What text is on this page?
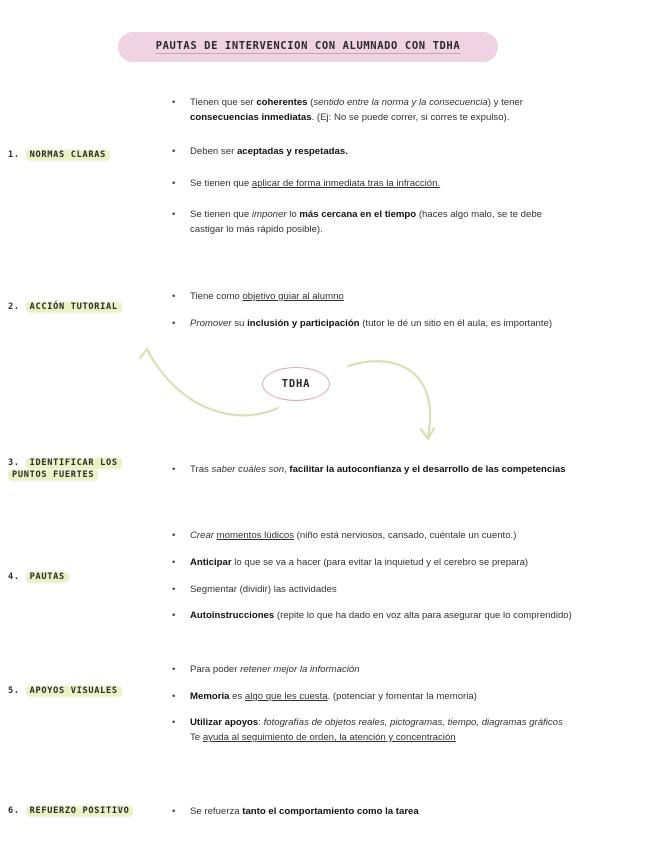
PAUTAS DE INTERVENCION CON ALUMNADO CON TDHA
TDHA
1. NORMAS CLARAS
• Tienen que ser coherentes (sentido entre la norma y la consecuencia) y tener
consecuencias inmediatas. (Ej: No se puede correr, si corres te expulso).
• Deben ser aceptadas y respetadas.
• Se tienen que aplicar de forma inmediata tras la infracción.
• Se tienen que imponer lo más cercana en el tiempo (haces algo malo, se te debe
castigar lo más rápido posible).
2. ACCIÓN TUTORIAL
• Tiene como objetivo guiar al alumno
• Promover su inclusión y participación (tutor le dé un sitio en él aula, es importante)
3. IDENTIFICAR LOS
PUNTOS FUERTES	• Tras saber cuáles son, facilitar la autoconfianza y el desarrollo de las competencias
4. PAUTAS
• Crear momentos lúdicos (niño está nerviosos, cansado, cuéntale un cuento.)
• Anticipar lo que se va a hacer (para evitar la inquietud y el cerebro se prepara)
• Segmentar (dividir) las actividades
• Autoinstrucciones (repite lo que ha dado en voz alta para asegurar que lo comprendido)
5. APOYOS VISUALES
• Para poder retener mejor la información
• Memoria es algo que les cuesta. (potenciar y fomentar la memoria)
• Utilizar apoyos: fotografías de objetos reales, pictogramas, tiempo, diagramas gráficos
Te ayuda al seguimiento de orden, la atención y concentración
6. REFUERZO POSITIVO	• Se refuerza tanto el comportamiento como la tarea
